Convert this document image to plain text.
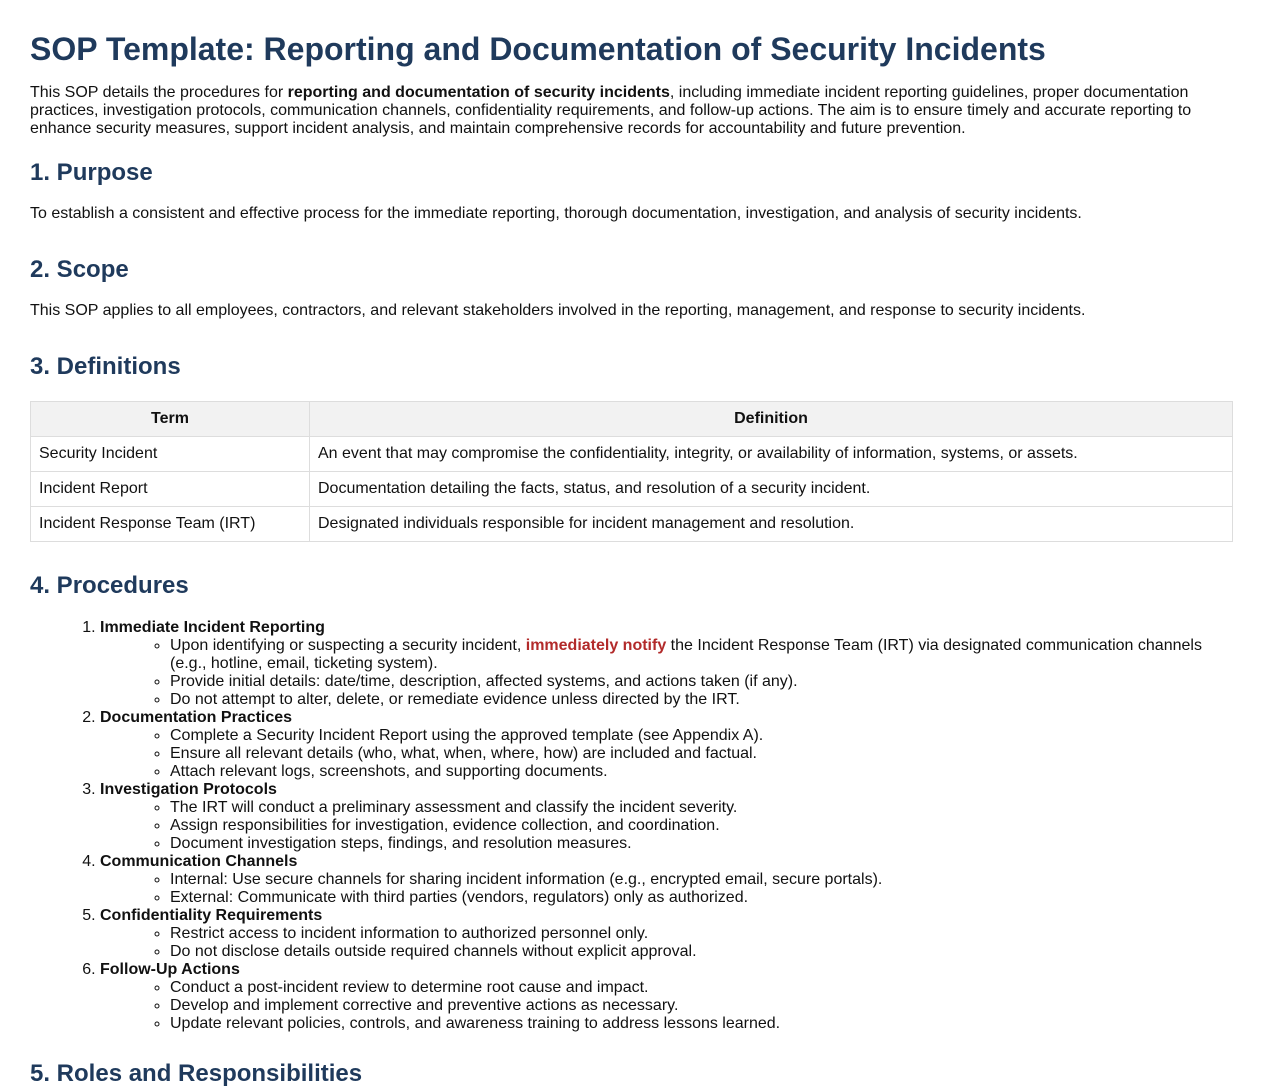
SOP Template: Reporting and Documentation of Security Incidents

This SOP details the procedures for reporting and documentation of security incidents, including immediate incident reporting guidelines, proper documentation practices, investigation protocols, communication channels, confidentiality requirements, and follow-up actions. The aim is to ensure timely and accurate reporting to enhance security measures, support incident analysis, and maintain comprehensive records for accountability and future prevention.

1. Purpose

To establish a consistent and effective process for the immediate reporting, thorough documentation, investigation, and analysis of security incidents.

2. Scope

This SOP applies to all employees, contractors, and relevant stakeholders involved in the reporting, management, and response to security incidents.

3. Definitions
Term	Definition
Security Incident	An event that may compromise the confidentiality, integrity, or availability of information, systems, or assets.
Incident Report	Documentation detailing the facts, status, and resolution of a security incident.
Incident Response Team (IRT)	Designated individuals responsible for incident management and resolution.
4. Procedures
1. Immediate Incident Reporting
◦ Upon identifying or suspecting a security incident, immediately notify the Incident Response Team (IRT) via designated communication channels (e.g., hotline, email, ticketing system).
◦ Provide initial details: date/time, description, affected systems, and actions taken (if any).
◦ Do not attempt to alter, delete, or remediate evidence unless directed by the IRT.
2. Documentation Practices
◦ Complete a Security Incident Report using the approved template (see Appendix A).
◦ Ensure all relevant details (who, what, when, where, how) are included and factual.
◦ Attach relevant logs, screenshots, and supporting documents.
3. Investigation Protocols
◦ The IRT will conduct a preliminary assessment and classify the incident severity.
◦ Assign responsibilities for investigation, evidence collection, and coordination.
◦ Document investigation steps, findings, and resolution measures.
4. Communication Channels
◦ Internal: Use secure channels for sharing incident information (e.g., encrypted email, secure portals).
◦ External: Communicate with third parties (vendors, regulators) only as authorized.
5. Confidentiality Requirements
◦ Restrict access to incident information to authorized personnel only.
◦ Do not disclose details outside required channels without explicit approval.
6. Follow-Up Actions
◦ Conduct a post-incident review to determine root cause and impact.
◦ Develop and implement corrective and preventive actions as necessary.
◦ Update relevant policies, controls, and awareness training to address lessons learned.
5. Roles and Responsibilities
